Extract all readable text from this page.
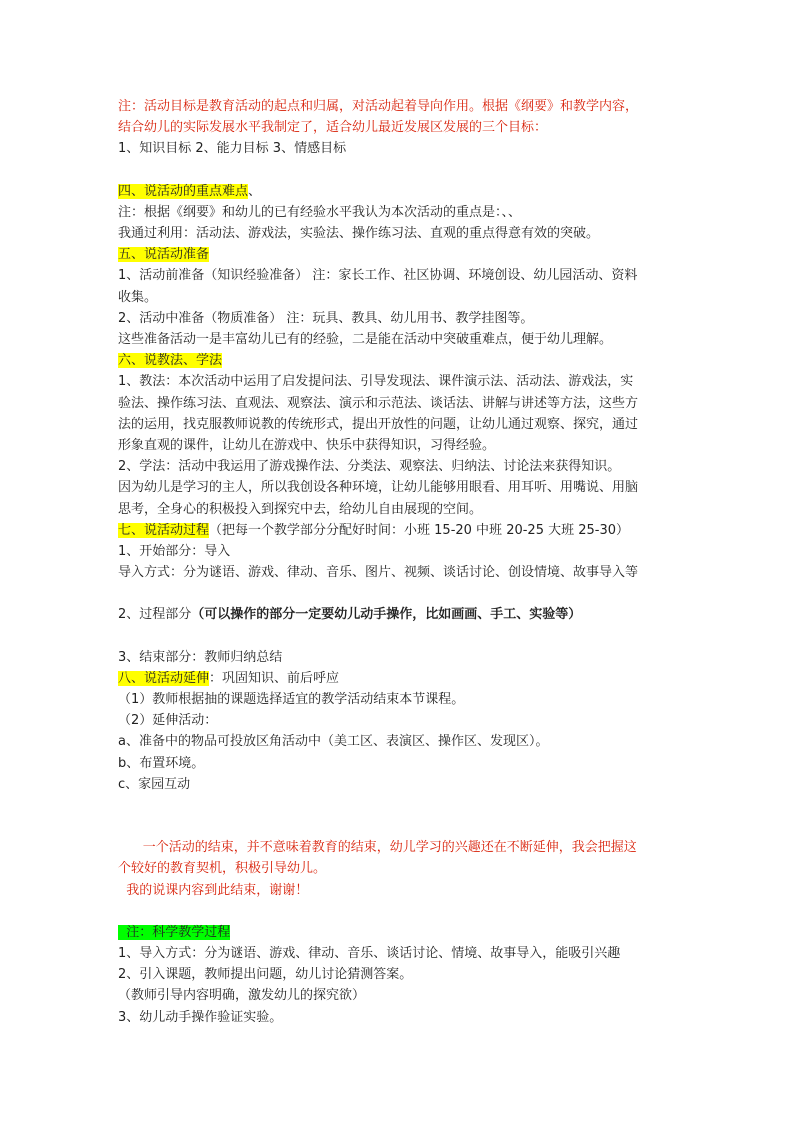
注：活动目标是教育活动的起点和归属，对活动起着导向作用。根据《纲要》和教学内容，

结合幼儿的实际发展水平我制定了，适合幼儿最近发展区发展的三个目标：

1、知识目标 2、能力目标 3、情感目标

四、说活动的重点难点、

注：根据《纲要》和幼儿的已有经验水平我认为本次活动的重点是：、、

我通过利用：活动法、游戏法，实验法、操作练习法、直观的重点得意有效的突破。

五、说活动准备

1、活动前准备（知识经验准备） 注：家长工作、社区协调、环境创设、幼儿园活动、资料

收集。

2、活动中准备（物质准备） 注：玩具、教具、幼儿用书、教学挂图等。

这些准备活动一是丰富幼儿已有的经验，二是能在活动中突破重难点，便于幼儿理解。

六、说教法、学法

1、教法：本次活动中运用了启发提问法、引导发现法、课件演示法、活动法、游戏法，实

验法、操作练习法、直观法、观察法、演示和示范法、谈话法、讲解与讲述等方法，这些方

法的运用，找克服教师说教的传统形式，提出开放性的问题，让幼儿通过观察、探究，通过

形象直观的课件，让幼儿在游戏中、快乐中获得知识，习得经验。

2、学法：活动中我运用了游戏操作法、分类法、观察法、归纳法、讨论法来获得知识。

因为幼儿是学习的主人，所以我创设各种环境，让幼儿能够用眼看、用耳听、用嘴说、用脑

思考，全身心的积极投入到探究中去，给幼儿自由展现的空间。

七、说活动过程（把每一个教学部分分配好时间：小班 15-20 中班 20-25 大班 25-30）

1、开始部分：导入

导入方式：分为谜语、游戏、律动、音乐、图片、视频、谈话讨论、创设情境、故事导入等

2、过程部分（可以操作的部分一定要幼儿动手操作，比如画画、手工、实验等）

3、结束部分：教师归纳总结

八、说活动延伸：巩固知识、前后呼应

（1）教师根据抽的课题选择适宜的教学活动结束本节课程。

（2）延伸活动：

a、准备中的物品可投放区角活动中（美工区、表演区、操作区、发现区）。

b、布置环境。

c、家园互动

一个活动的结束，并不意味着教育的结束，幼儿学习的兴趣还在不断延伸，我会把握这

个较好的教育契机，积极引导幼儿。

我的说课内容到此结束，谢谢！

注：科学教学过程

1、导入方式：分为谜语、游戏、律动、音乐、谈话讨论、情境、故事导入，能吸引兴趣

2、引入课题，教师提出问题，幼儿讨论猜测答案。

（教师引导内容明确，激发幼儿的探究欲）

3、幼儿动手操作验证实验。
